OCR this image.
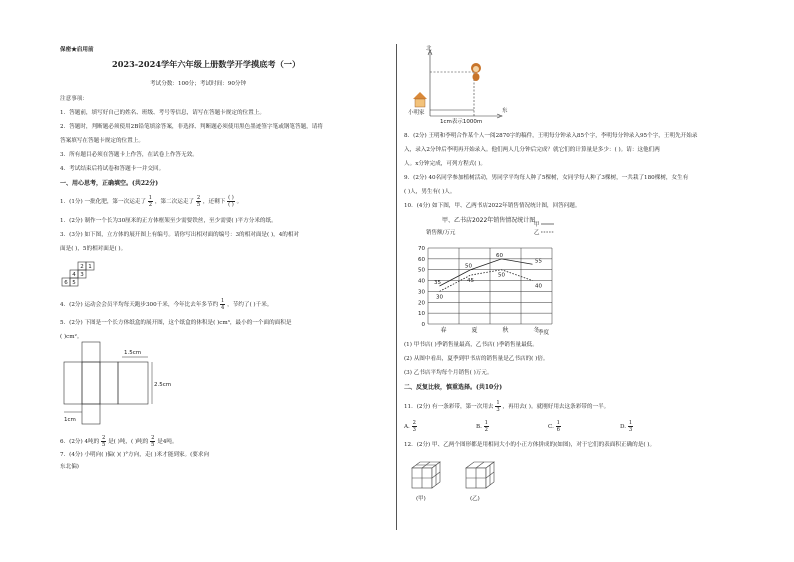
保密★启用前
2023-2024学年六年级上册数学开学摸底考（一）
考试分数：100分；考试时间：90分钟
注意事项：
1．答题前，填写好自己的姓名、班级、考号等信息，请写在答题卡规定的位置上。
2．答题时，判断题必须使用2B铅笔填涂答案，非选择、判断题必须使用黑色墨迹签字笔或钢笔答题，请将
答案填写在答题卡规定的位置上。
3．所有题目必须在答题卡上作答，在试卷上作答无效。
4．考试结束后将试卷和答题卡一并交回。
一、用心思考，正确填空。(共22分)
1．(1分) 一批化肥，第一次运走了 $\frac{1}{2}$ ，第二次运走了 $\frac{2}{5}$ ，还剩下 $\frac{( )}{( )}$ 。
1．(2分) 制作一个长为30厘米的正方体框架至少需要铁丝，至少需要( )平方分米的纸。
3．(3分) 如下图，立方体的展开图上有编号。请你写出相对面的编号：3的相对面是( )，4的相对
面是( )，5的相对面是( )。
1
2
3
4
5
6
4．(2分) 运动会会员平均每天跑步300千米，今年比去年多节约 $\frac{1}{4}$ ，节约了( )千米。
5．(2分) 下图是一个长方体纸盒的展开图，这个纸盒的体积是( )cm³，最小的一个面的面积是
( )cm²。
1.5cm
2.5cm
1cm
6．(2分) 4吨的 $\frac{2}{5}$ 是( )吨，( )吨的 $\frac{2}{5}$ 是4吨。
7．(4分) 小明向( )偏( )( )°方向，走( )米才能到家。(要求向
东北偏)
北
东
小明家
1cm表示1000m
8．(2分) 王明和李明合作某个人一阅2870字的稿件，王明每分钟录入85个字，李明每分钟录入95个字，王明先开始录
入，录入2分钟后李明再开始录入。他们两人几分钟后完成？就它们的计算量是多少：( )。请：这他们两
人。x分钟完成，可列方程式( )。
9．(2分) 40名同学参加植树活动，男同学平均每人种了5棵树，女同学每人种了3棵树，一共栽了180棵树，女生有
( )人，男生有( )人。
10．(4分) 如下图，甲、乙两书店2022年销售情况统计图，回答问题。
甲、乙书店2022年销售情况统计图
销售额/万元
季度
甲
乙
35
50
60
55
30
45
50
40
0
10
20
30
40
50
60
70
春	夏	秋	冬
(1) 甲书店( )季销售量最高，乙书店( )季销售量最低。
(2) 从图中看出，夏季到甲书店的销售量是乙书店的( )倍。
(3) 乙书店平均每个月销售( )万元。
二、反复比较，慎重选择。(共10分)
11．(2分) 有一条彩带，第一次用去 $\frac{1}{3}$ ，再用去( )。就刚好用去这条彩带的一半。
A. $\frac{2}{3}$	B. $\frac{1}{2}$	C. $\frac{1}{6}$	D. $\frac{1}{3}$
12．(2分) 甲、乙两个图形都是用相同大小的小正方体拼成的(如图)，对于它们的表面积正确的是( )。
(甲)	(乙)
